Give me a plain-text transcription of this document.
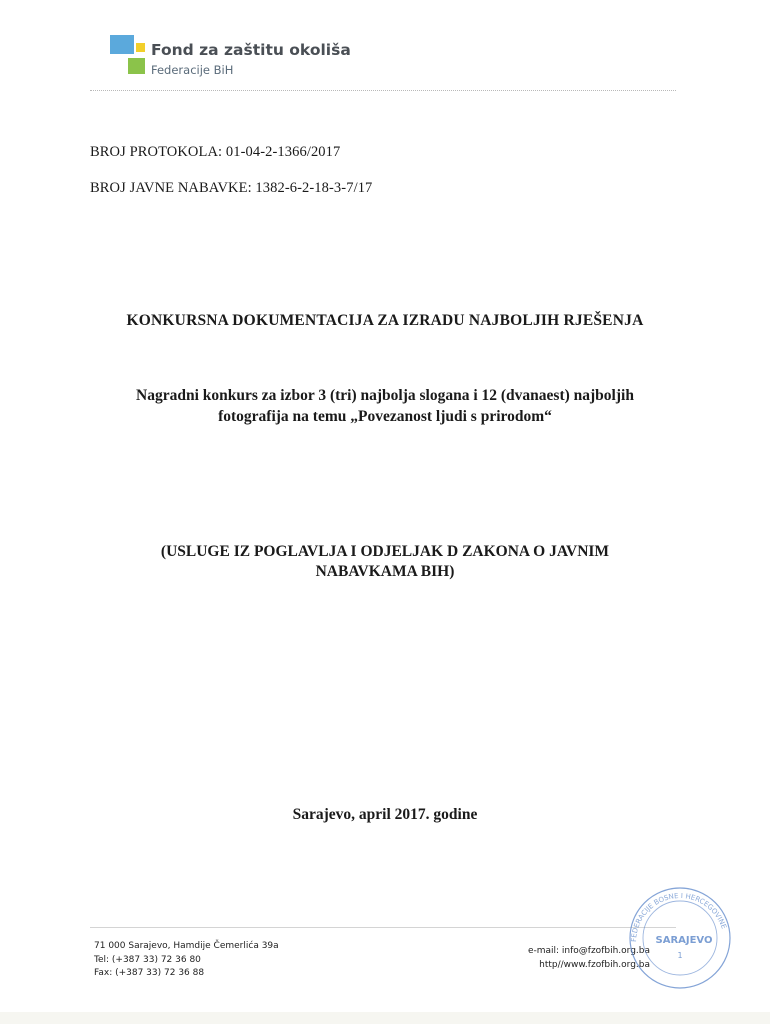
Fond za zaštitu okoliša
Federacije BiH
BROJ PROTOKOLA: 01-04-2-1366/2017
BROJ JAVNE NABAVKE: 1382-6-2-18-3-7/17
KONKURSNA DOKUMENTACIJA ZA IZRADU NAJBOLJIH RJEŠENJA
Nagradni konkurs za izbor 3 (tri) najbolja slogana i 12 (dvanaest) najboljih
fotografija na temu „Povezanost ljudi s prirodom“
(USLUGE IZ POGLAVLJA I ODJELJAK D ZAKONA O JAVNIM
NABAVKAMA BIH)
Sarajevo, april 2017. godine
71 000 Sarajevo, Hamdije Čemerlića 39a
Tel: (+387 33) 72 36 80
Fax: (+387 33) 72 36 88
e-mail: info@fzofbih.org.ba
http//www.fzofbih.org.ba
FEDERACIJE BOSNE I HERCEGOVINE
SARAJEVO
1
